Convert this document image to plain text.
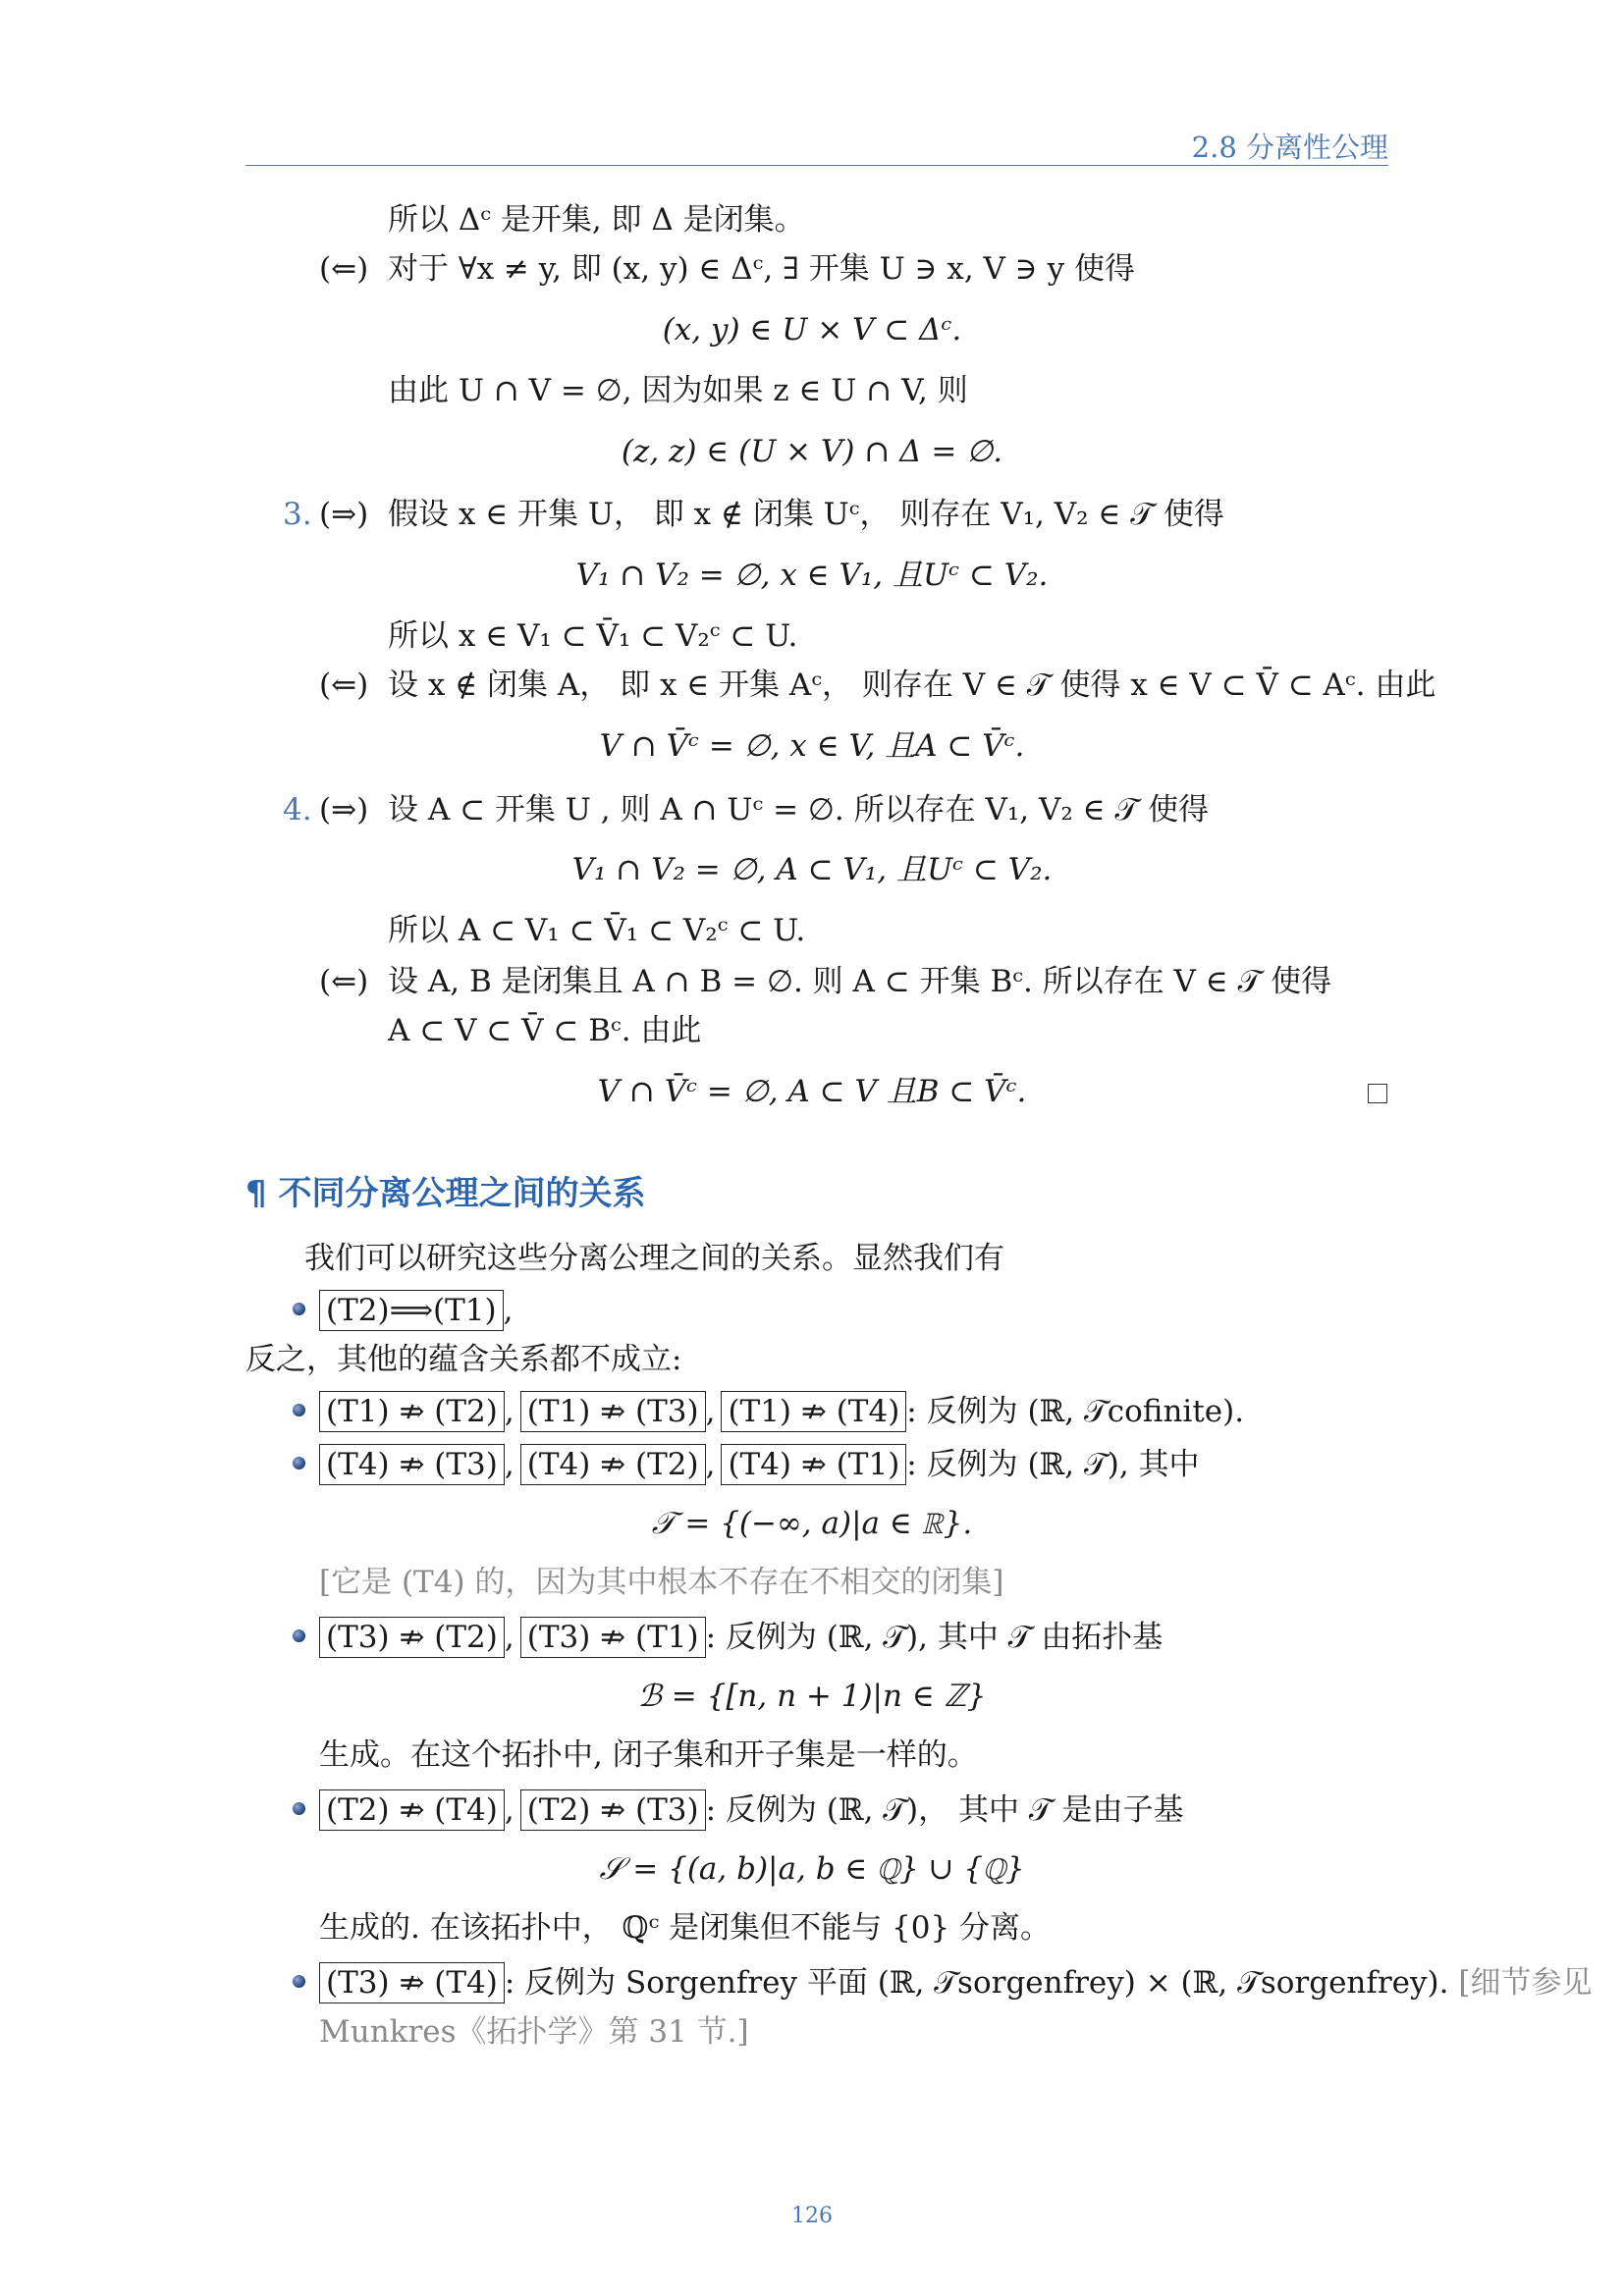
2.8 分离性公理
所以 Δᶜ 是开集, 即 Δ 是闭集。
(⇐) 对于 ∀x ≠ y, 即 (x, y) ∈ Δᶜ, ∃ 开集 U ∋ x, V ∋ y 使得
(x, y) ∈ U × V ⊂ Δᶜ.
由此 U ∩ V = ∅, 因为如果 z ∈ U ∩ V, 则
(z, z) ∈ (U × V) ∩ Δ = ∅.
3. (⇒) 假设 x ∈ 开集 U， 即 x ∉ 闭集 Uᶜ， 则存在 V₁, V₂ ∈ 𝒯 使得
V₁ ∩ V₂ = ∅, x ∈ V₁, 且Uᶜ ⊂ V₂.
所以 x ∈ V₁ ⊂ V̄₁ ⊂ V₂ᶜ ⊂ U.
(⇐) 设 x ∉ 闭集 A， 即 x ∈ 开集 Aᶜ， 则存在 V ∈ 𝒯 使得 x ∈ V ⊂ V̄ ⊂ Aᶜ. 由此
V ∩ V̄ᶜ = ∅, x ∈ V, 且A ⊂ V̄ᶜ.
4. (⇒) 设 A ⊂ 开集 U , 则 A ∩ Uᶜ = ∅. 所以存在 V₁, V₂ ∈ 𝒯 使得
V₁ ∩ V₂ = ∅, A ⊂ V₁, 且Uᶜ ⊂ V₂.
所以 A ⊂ V₁ ⊂ V̄₁ ⊂ V₂ᶜ ⊂ U.
(⇐) 设 A, B 是闭集且 A ∩ B = ∅. 则 A ⊂ 开集 Bᶜ. 所以存在 V ∈ 𝒯 使得
A ⊂ V ⊂ V̄ ⊂ Bᶜ. 由此
V ∩ V̄ᶜ = ∅, A ⊂ V 且B ⊂ V̄ᶜ.
¶ 不同分离公理之间的关系
我们可以研究这些分离公理之间的关系。显然我们有
(T2)⟹(T1) ,
反之，其他的蕴含关系都不成立:
(T1) ⇏ (T2) , (T1) ⇏ (T3) , (T1) ⇏ (T4) : 反例为 (ℝ, 𝒯cofinite).
(T4) ⇏ (T3) , (T4) ⇏ (T2) , (T4) ⇏ (T1) : 反例为 (ℝ, 𝒯), 其中
𝒯 = {(−∞, a)|a ∈ ℝ}.
[它是 (T4) 的，因为其中根本不存在不相交的闭集]
(T3) ⇏ (T2) , (T3) ⇏ (T1) : 反例为 (ℝ, 𝒯), 其中 𝒯 由拓扑基
ℬ = {[n, n + 1)|n ∈ ℤ}
生成。在这个拓扑中, 闭子集和开子集是一样的。
(T2) ⇏ (T4) , (T2) ⇏ (T3) : 反例为 (ℝ, 𝒯)， 其中 𝒯 是由子基
𝒮 = {(a, b)|a, b ∈ ℚ} ∪ {ℚ}
生成的. 在该拓扑中， ℚᶜ 是闭集但不能与 {0} 分离。
(T3) ⇏ (T4) : 反例为 Sorgenfrey 平面 (ℝ, 𝒯sorgenfrey) × (ℝ, 𝒯sorgenfrey). [细节参见
Munkres《拓扑学》第 31 节.]
126
